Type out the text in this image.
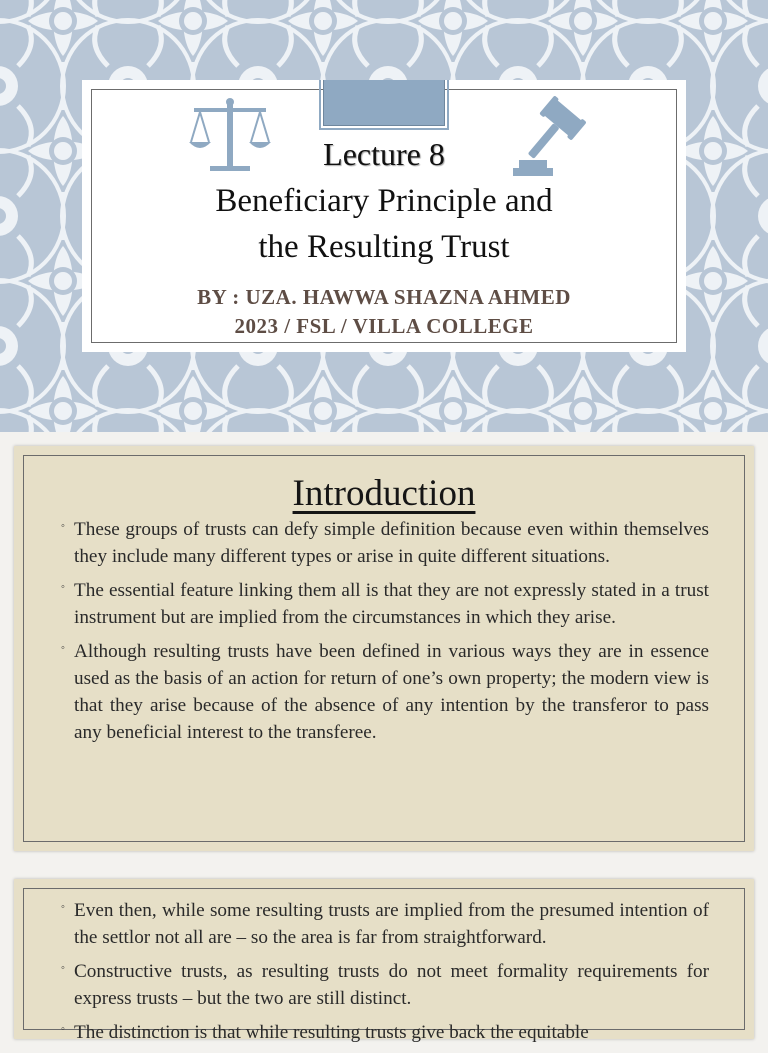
Lecture 8
Beneficiary Principle and
the Resulting Trust
BY : UZA. HAWWA SHAZNA AHMED
2023 / FSL / VILLA COLLEGE
Introduction
◦ These groups of trusts can defy simple definition because even within themselves they include many different types or arise in quite different situations.
◦ The essential feature linking them all is that they are not expressly stated in a trust instrument but are implied from the circumstances in which they arise.
◦ Although resulting trusts have been defined in various ways they are in essence used as the basis of an action for return of one’s own property; the modern view is that they arise because of the absence of any intention by the transferor to pass any beneficial interest to the transferee.
◦ Even then, while some resulting trusts are implied from the presumed intention of the settlor not all are – so the area is far from straightforward.
◦ Constructive trusts, as resulting trusts do not meet formality requirements for express trusts – but the two are still distinct.
◦ The distinction is that while resulting trusts give back the equitable
